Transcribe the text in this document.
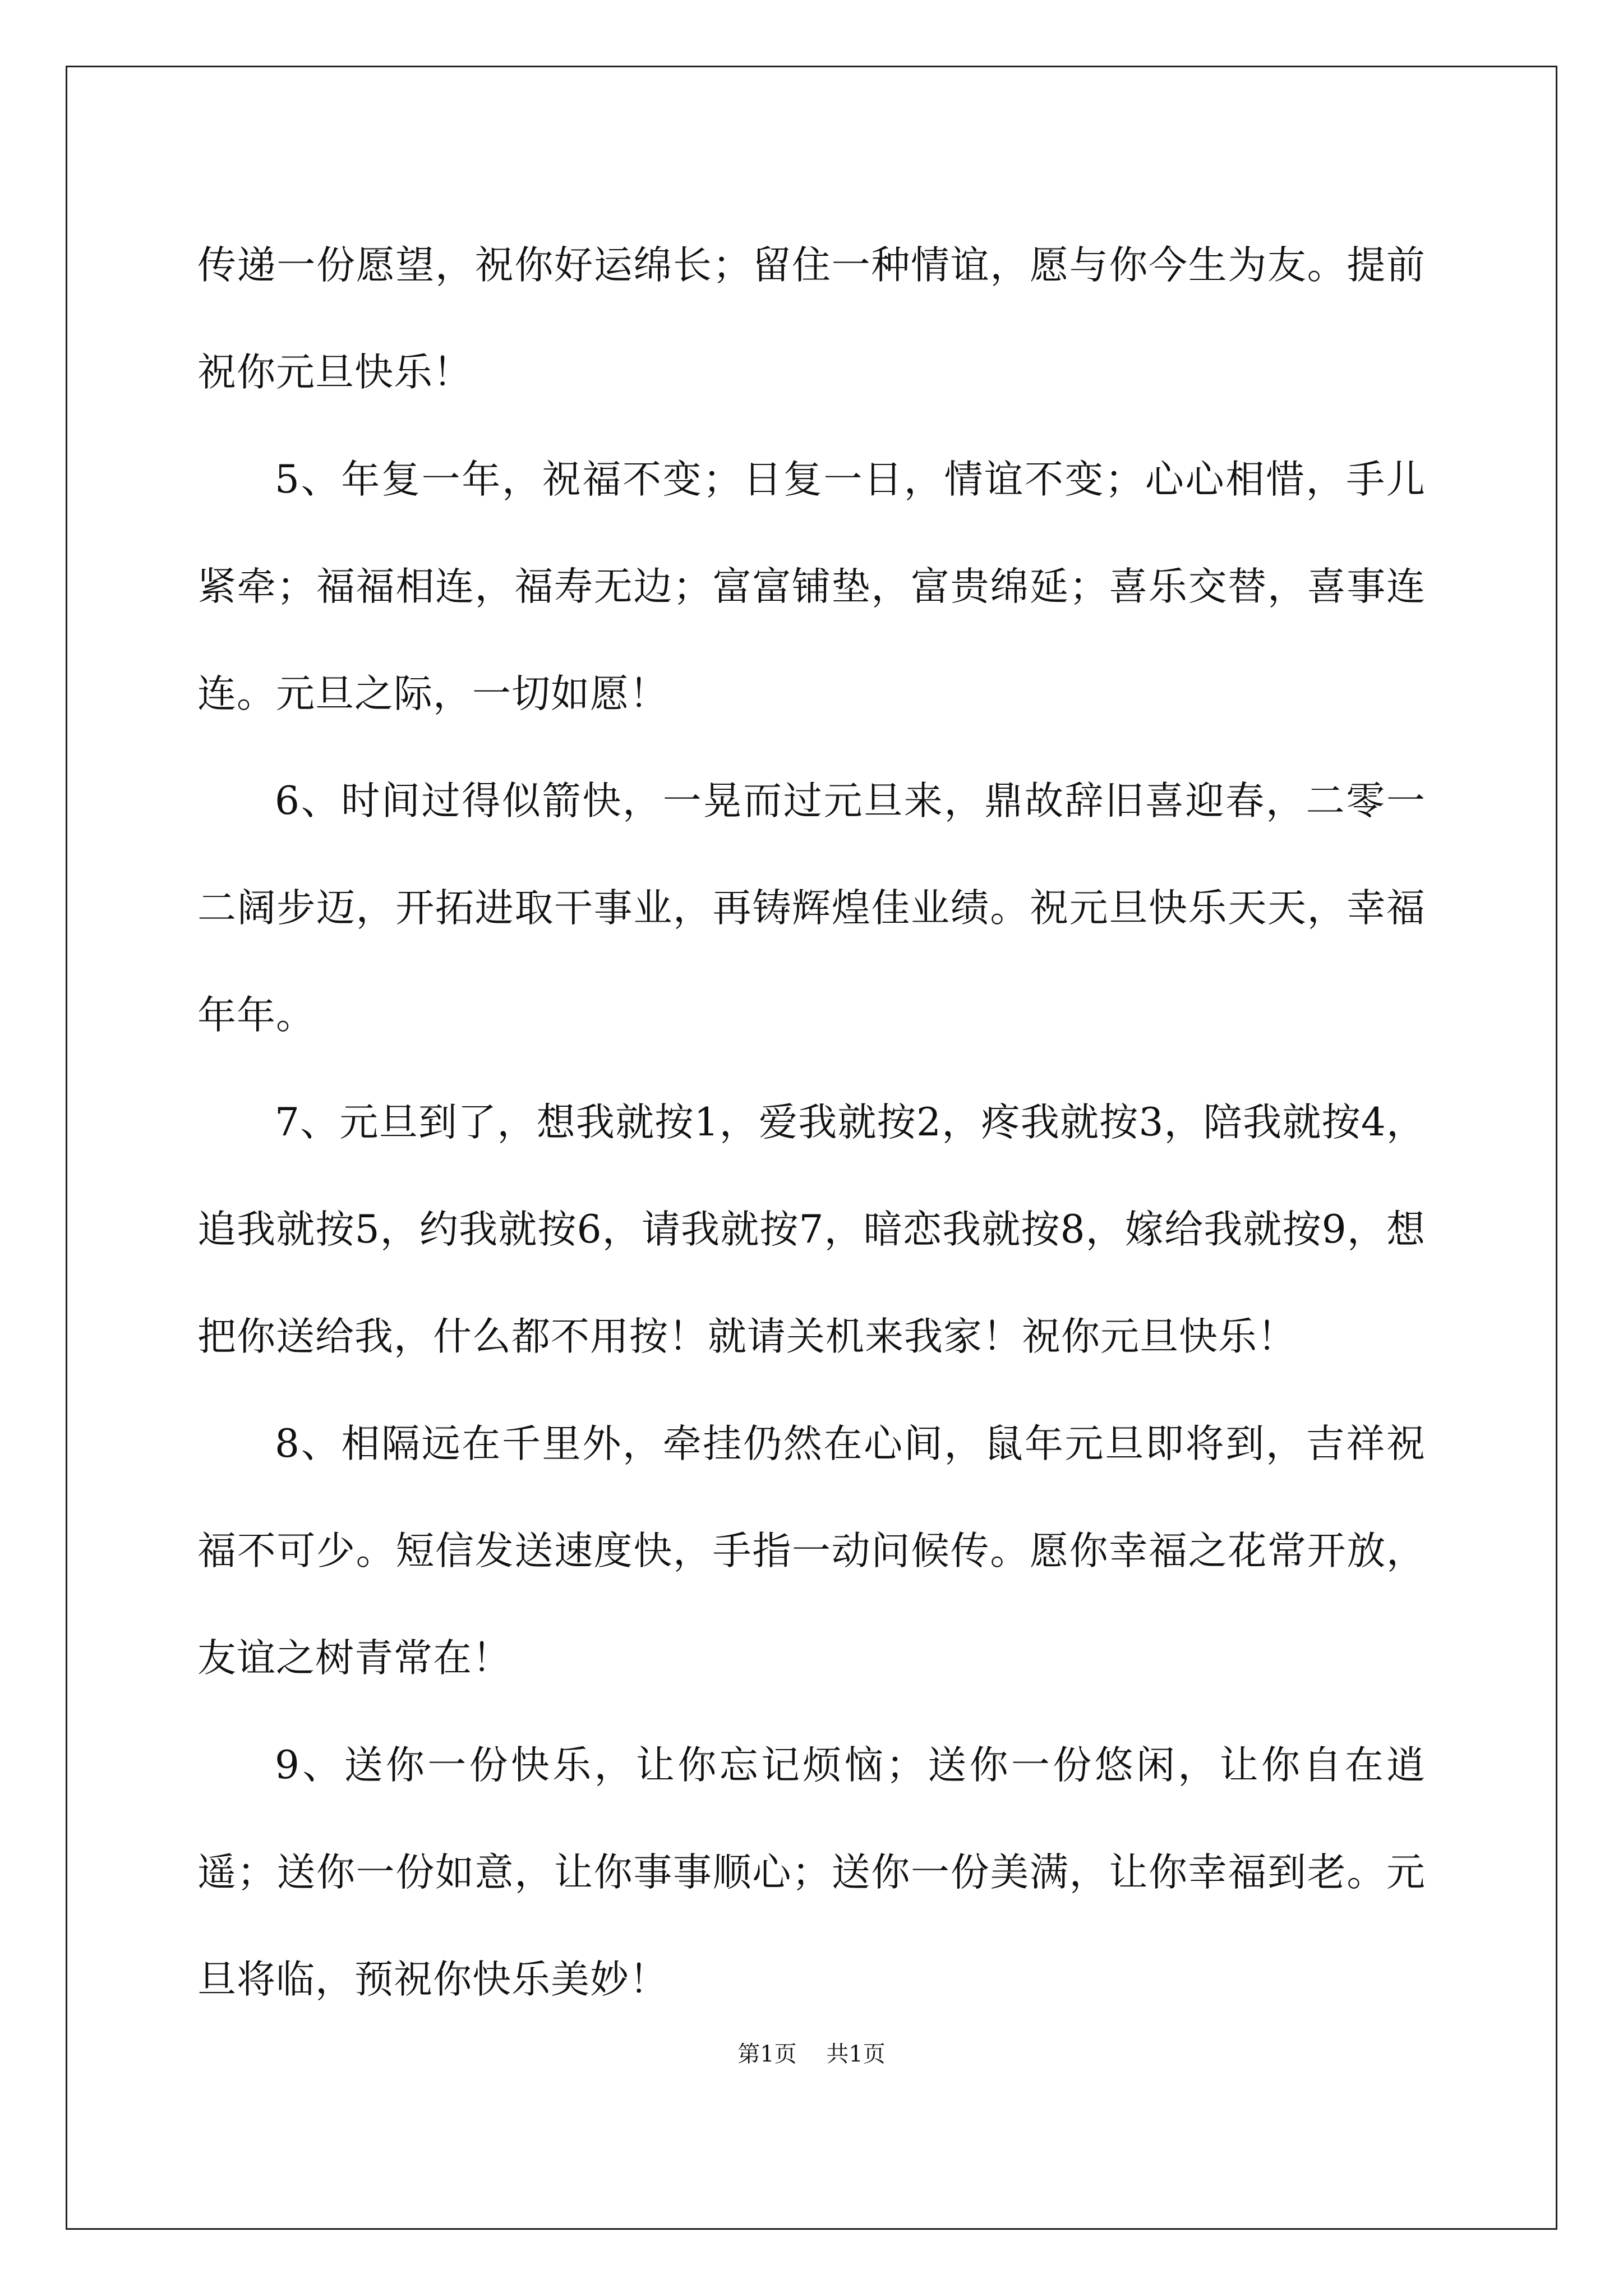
传递一份愿望，祝你好运绵长；留住一种情谊，愿与你今生为友。提前祝你元旦快乐！

5、年复一年，祝福不变；日复一日，情谊不变；心心相惜，手儿紧牵；福福相连，福寿无边；富富铺垫，富贵绵延；喜乐交替，喜事连连。元旦之际，一切如愿！

6、时间过得似箭快，一晃而过元旦来，鼎故辞旧喜迎春，二零一二阔步迈，开拓进取干事业，再铸辉煌佳业绩。祝元旦快乐天天，幸福年年。

7、元旦到了，想我就按1，爱我就按2，疼我就按3，陪我就按4，追我就按5，约我就按6，请我就按7，暗恋我就按8，嫁给我就按9，想把你送给我，什么都不用按！就请关机来我家！祝你元旦快乐！

8、相隔远在千里外，牵挂仍然在心间，鼠年元旦即将到，吉祥祝福不可少。短信发送速度快，手指一动问候传。愿你幸福之花常开放，友谊之树青常在！

9、送你一份快乐，让你忘记烦恼；送你一份悠闲，让你自在逍遥；送你一份如意，让你事事顺心；送你一份美满，让你幸福到老。元旦将临，预祝你快乐美妙！

第1页 共1页
